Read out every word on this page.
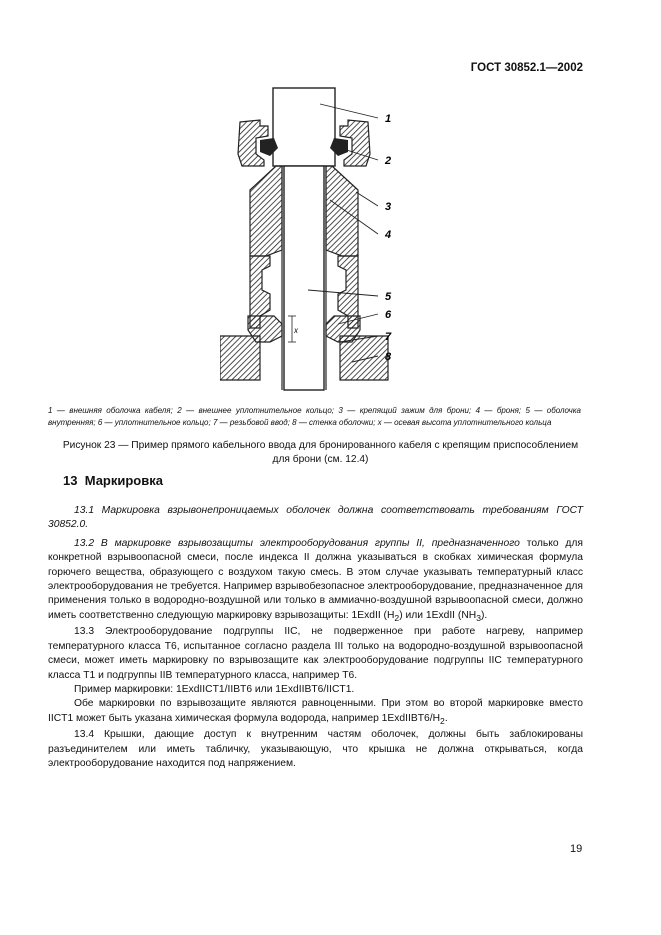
ГОСТ 30852.1—2002
x
1
2
3
4
5
6
7
8
1 — внешняя оболочка кабеля; 2 — внешнее уплотнительное кольцо; 3 — крепящий зажим для брони; 4 — броня; 5 — оболочка внутренняя; 6 — уплотнительное кольцо; 7 — резьбовой ввод; 8 — стенка оболочки; x — осевая высота уплотнительного кольца
Рисунок 23 — Пример прямого кабельного ввода для бронированного кабеля с крепящим приспособлением
для брони (см. 12.4)
13 Маркировка

13.1 Маркировка взрывонепроницаемых оболочек должна соответствовать требованиям ГОСТ 30852.0.

13.2 В маркировке взрывозащиты электрооборудования группы II, предназначенного только для конкретной взрывоопасной смеси, после индекса II должна указываться в скобках химическая формула горючего вещества, образующего с воздухом такую смесь. В этом случае указывать температурный класс электрооборудования не требуется. Например взрывобезопасное электрооборудование, предназначенное для применения только в водородно-воздушной или только в аммиачно-воздушной взрывоопасной смеси, должно иметь соответственно следующую маркировку взрывозащиты: 1ExdII $(H_2)$ или 1ExdII $(NH_3)$.

13.3 Электрооборудование подгруппы IIC, не подверженное при работе нагреву, например температурного класса Т6, испытанное согласно раздела III только на водородно-воздушной взрывоопасной смеси, может иметь маркировку по взрывозащите как электрооборудование подгруппы IIC температурного класса Т1 и подгруппы IIB температурного класса, например Т6.

Пример маркировки: 1ExdIICT1/IIBT6 или 1ExdIIBT6/IICT1.

Обе маркировки по взрывозащите являются равноценными. При этом во второй маркировке вместо IICT1 может быть указана химическая формула водорода, например $1ExdIIBT6/H_2$.

13.4 Крышки, дающие доступ к внутренним частям оболочек, должны быть заблокированы разъединителем или иметь табличку, указывающую, что крышка не должна открываться, когда электрооборудование находится под напряжением.

19
